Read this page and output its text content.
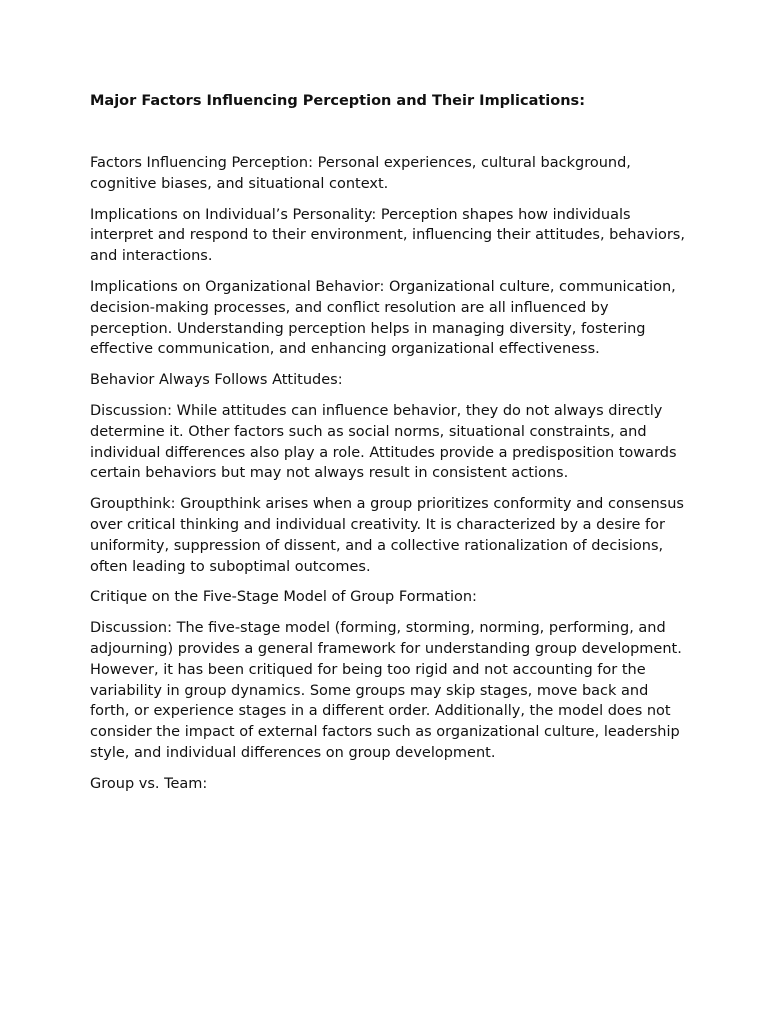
Major Factors Influencing Perception and Their Implications:

Factors Influencing Perception: Personal experiences, cultural background, cognitive biases, and situational context.

Implications on Individual’s Personality: Perception shapes how individuals interpret and respond to their environment, influencing their attitudes, behaviors, and interactions.

Implications on Organizational Behavior: Organizational culture, communication, decision-making processes, and conflict resolution are all influenced by perception. Understanding perception helps in managing diversity, fostering effective communication, and enhancing organizational effectiveness.

Behavior Always Follows Attitudes:

Discussion: While attitudes can influence behavior, they do not always directly determine it. Other factors such as social norms, situational constraints, and individual differences also play a role. Attitudes provide a predisposition towards certain behaviors but may not always result in consistent actions.

Groupthink: Groupthink arises when a group prioritizes conformity and consensus over critical thinking and individual creativity. It is characterized by a desire for uniformity, suppression of dissent, and a collective rationalization of decisions, often leading to suboptimal outcomes.

Critique on the Five-Stage Model of Group Formation:

Discussion: The five-stage model (forming, storming, norming, performing, and adjourning) provides a general framework for understanding group development. However, it has been critiqued for being too rigid and not accounting for the variability in group dynamics. Some groups may skip stages, move back and forth, or experience stages in a different order. Additionally, the model does not consider the impact of external factors such as organizational culture, leadership style, and individual differences on group development.

Group vs. Team:
